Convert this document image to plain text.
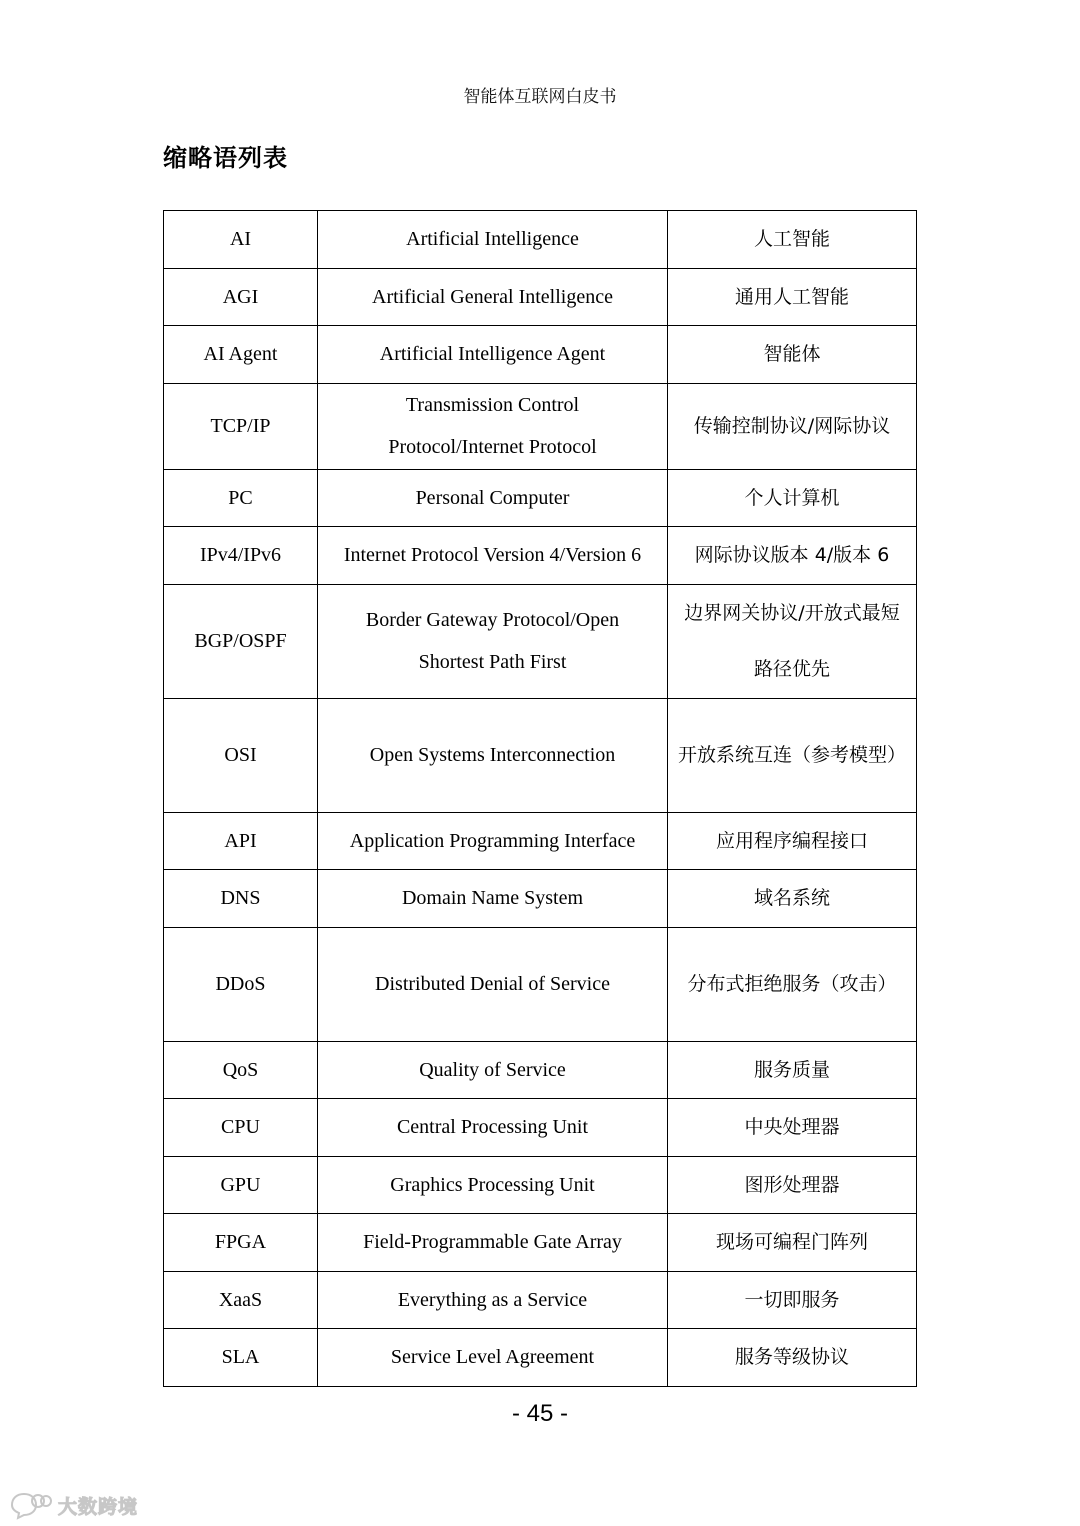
智能体互联网白皮书
缩略语列表
AI	Artificial Intelligence	人工智能
AGI	Artificial General Intelligence	通用人工智能
AI Agent	Artificial Intelligence Agent	智能体
TCP/IP	Transmission Control Protocol/Internet Protocol	传输控制协议/网际协议
PC	Personal Computer	个人计算机
IPv4/IPv6	Internet Protocol Version 4/Version 6	网际协议版本 4/版本 6
BGP/OSPF	Border Gateway Protocol/Open Shortest Path First	边界网关协议/开放式最短路径优先
OSI	Open Systems Interconnection	开放系统互连（参考模型）
API	Application Programming Interface	应用程序编程接口
DNS	Domain Name System	域名系统
DDoS	Distributed Denial of Service	分布式拒绝服务（攻击）
QoS	Quality of Service	服务质量
CPU	Central Processing Unit	中央处理器
GPU	Graphics Processing Unit	图形处理器
FPGA	Field-Programmable Gate Array	现场可编程门阵列
XaaS	Everything as a Service	一切即服务
SLA	Service Level Agreement	服务等级协议
- 45 -
大数跨境
